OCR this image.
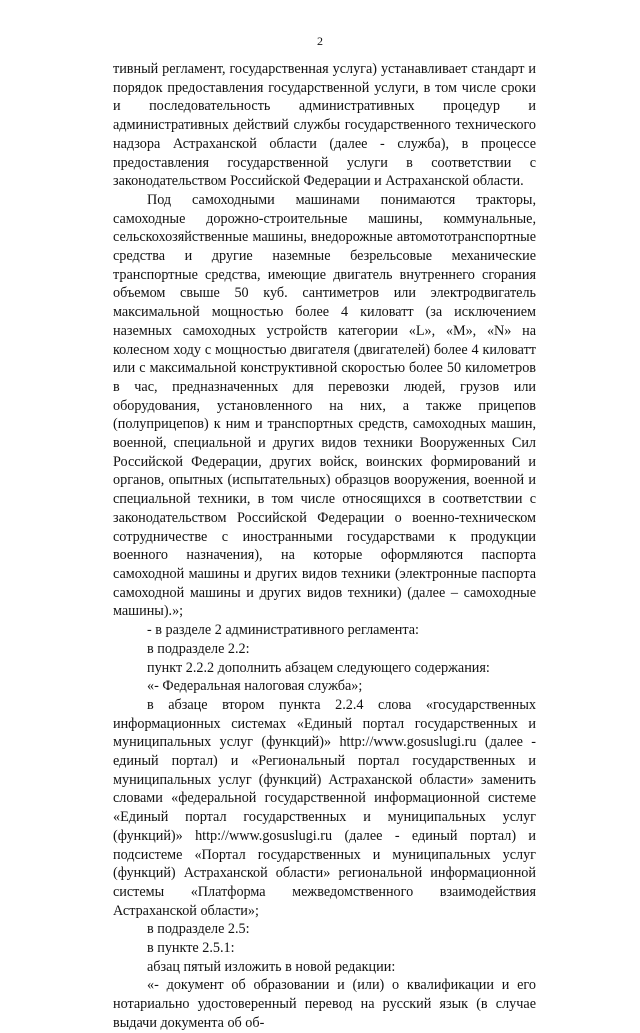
2

тивный регламент, государственная услуга) устанавливает стандарт и порядок предоставления государственной услуги, в том числе сроки и последовательность административных процедур и административных действий службы государственного технического надзора Астраханской области (далее - служба), в процессе предоставления государственной услуги в соответствии с законодательством Российской Федерации и Астраханской области.

Под самоходными машинами понимаются тракторы, самоходные дорожно-строительные машины, коммунальные, сельскохозяйственные машины, внедорожные автомототранспортные средства и другие наземные безрельсовые механические транспортные средства, имеющие двигатель внутреннего сгорания объемом свыше 50 куб. сантиметров или электродвигатель максимальной мощностью более 4 киловатт (за исключением наземных самоходных устройств категории «L», «M», «N» на колесном ходу с мощностью двигателя (двигателей) более 4 киловатт или с максимальной конструктивной скоростью более 50 километров в час, предназначенных для перевозки людей, грузов или оборудования, установленного на них, а также прицепов (полуприцепов) к ним и транспортных средств, самоходных машин, военной, специальной и других видов техники Вооруженных Сил Российской Федерации, других войск, воинских формирований и органов, опытных (испытательных) образцов вооружения, военной и специальной техники, в том числе относящихся в соответствии с законодательством Российской Федерации о военно-техническом сотрудничестве с иностранными государствами к продукции военного назначения), на которые оформляются паспорта самоходной машины и других видов техники (электронные паспорта самоходной машины и других видов техники) (далее – самоходные машины).»;

- в разделе 2 административного регламента:

в подразделе 2.2:

пункт 2.2.2 дополнить абзацем следующего содержания:

«- Федеральная налоговая служба»;

в абзаце втором пункта 2.2.4 слова «государственных информационных системах «Единый портал государственных и муниципальных услуг (функций)» http://www.gosuslugi.ru (далее - единый портал) и «Региональный портал государственных и муниципальных услуг (функций) Астраханской области» заменить словами «федеральной государственной информационной системе «Единый портал государственных и муниципальных услуг (функций)» http://www.gosuslugi.ru (далее - единый портал) и подсистеме «Портал государственных и муниципальных услуг (функций) Астраханской области» региональной информационной системы «Платформа межведомственного взаимодействия Астраханской области»;

в подразделе 2.5:

в пункте 2.5.1:

абзац пятый изложить в новой редакции:

«- документ об образовании и (или) о квалификации и его нотариально удостоверенный перевод на русский язык (в случае выдачи документа об об-
